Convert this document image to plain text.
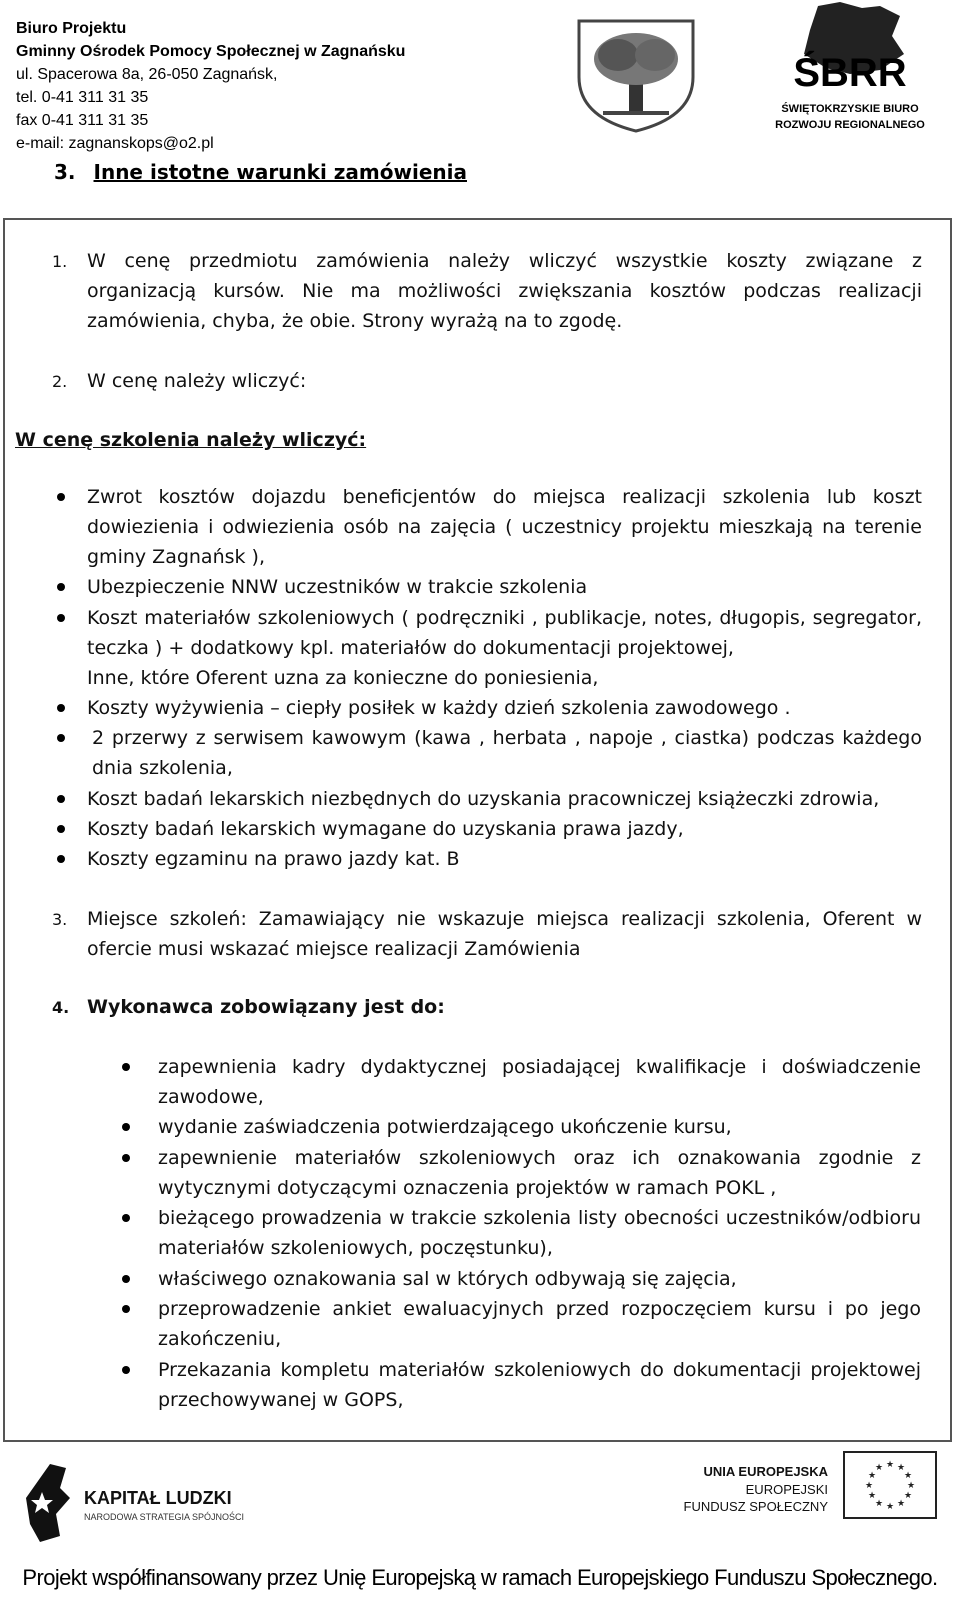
Biuro Projektu
Gminny Ośrodek Pomocy Społecznej w Zagnańsku
ul. Spacerowa 8a, 26-050 Zagnańsk,
tel. 0-41 311 31 35
fax 0-41 311 31 35
e-mail: zagnanskops@o2.pl
ŚBRR
ŚWIĘTOKRZYSKIE BIURO
ROZWOJU REGIONALNEGO
3. Inne istotne warunki zamówienia
1. W cenę przedmiotu zamówienia należy wliczyć wszystkie koszty związane z organizacją kursów. Nie ma możliwości zwiększania kosztów podczas realizacji zamówienia, chyba, że obie. Strony wyrażą na to zgodę.
2. W cenę należy wliczyć:
W cenę szkolenia należy wliczyć:
Zwrot kosztów dojazdu beneficjentów do miejsca realizacji szkolenia lub koszt dowiezienia i odwiezienia osób na zajęcia ( uczestnicy projektu mieszkają na terenie gminy Zagnańsk ),
Ubezpieczenie NNW uczestników w trakcie szkolenia
Koszt materiałów szkoleniowych ( podręczniki , publikacje, notes, długopis, segregator, teczka ) + dodatkowy kpl. materiałów do dokumentacji projektowej,
Inne, które Oferent uzna za konieczne do poniesienia,
Koszty wyżywienia – ciepły posiłek w każdy dzień szkolenia zawodowego .
2 przerwy z serwisem kawowym (kawa , herbata , napoje , ciastka) podczas każdego dnia szkolenia,
Koszt badań lekarskich niezbędnych do uzyskania pracowniczej książeczki zdrowia,
Koszty badań lekarskich wymagane do uzyskania prawa jazdy,
Koszty egzaminu na prawo jazdy kat. B
3. Miejsce szkoleń: Zamawiający nie wskazuje miejsca realizacji szkolenia, Oferent w ofercie musi wskazać miejsce realizacji Zamówienia
4. Wykonawca zobowiązany jest do:
zapewnienia kadry dydaktycznej posiadającej kwalifikacje i doświadczenie zawodowe,
wydanie zaświadczenia potwierdzającego ukończenie kursu,
zapewnienie materiałów szkoleniowych oraz ich oznakowania zgodnie z wytycznymi dotyczącymi oznaczenia projektów w ramach POKL ,
bieżącego prowadzenia w trakcie szkolenia listy obecności uczestników/odbioru materiałów szkoleniowych, poczęstunku),
właściwego oznakowania sal w których odbywają się zajęcia,
przeprowadzenie ankiet ewaluacyjnych przed rozpoczęciem kursu i po jego zakończeniu,
Przekazania kompletu materiałów szkoleniowych do dokumentacji projektowej przechowywanej w GOPS,
KAPITAŁ LUDZKI
NARODOWA STRATEGIA SPÓJNOŚCI
UNIA EUROPEJSKA
EUROPEJSKI
FUNDUSZ SPOŁECZNY
★ ★
★
★
★
★
★
★
★
★
★
★
Projekt współfinansowany przez Unię Europejską w ramach Europejskiego Funduszu Społecznego.
